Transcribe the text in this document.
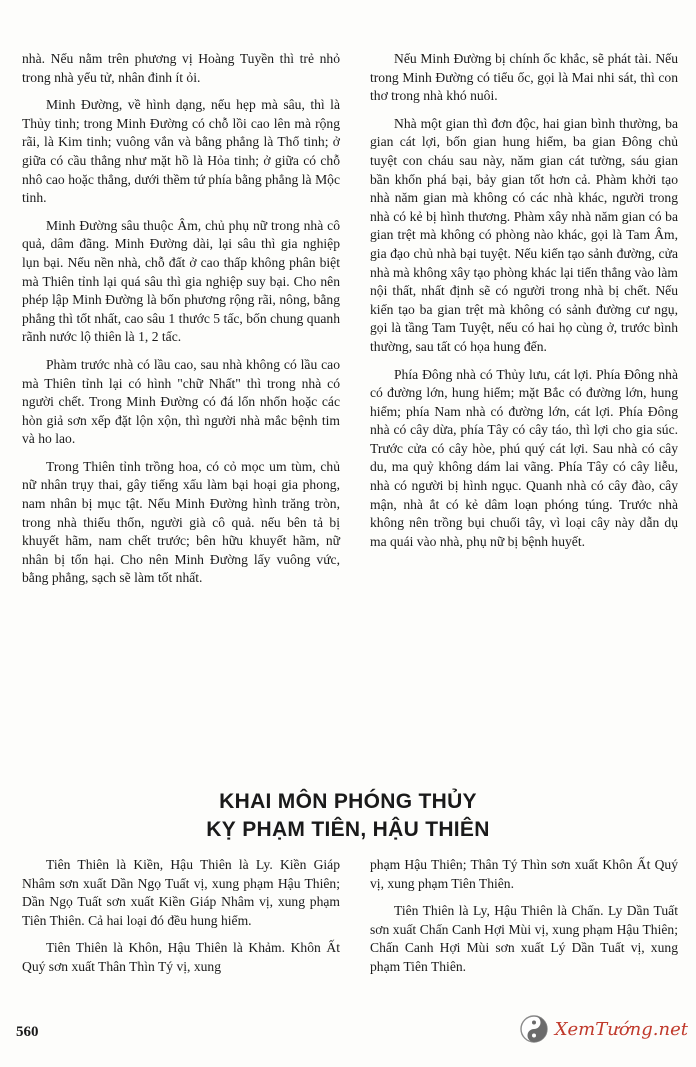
nhà. Nếu nằm trên phương vị Hoàng Tuyền thì trẻ nhỏ trong nhà yểu tử, nhân đinh ít ỏi.

Minh Đường, về hình dạng, nếu hẹp mà sâu, thì là Thủy tinh; trong Minh Đường có chỗ lồi cao lên mà rộng rãi, là Kim tinh; vuông vắn và bằng phẳng là Thổ tinh; ở giữa có cầu thẳng như mặt hồ là Hỏa tinh; ở giữa có chỗ nhô cao hoặc thẳng, dưới thềm tứ phía bằng phẳng là Mộc tinh.

Minh Đường sâu thuộc Âm, chủ phụ nữ trong nhà cô quả, dâm đãng. Minh Đường dài, lại sâu thì gia nghiệp lụn bại. Nếu nền nhà, chỗ đất ở cao thấp không phân biệt mà Thiên tỉnh lại quá sâu thì gia nghiệp suy bại. Cho nên phép lập Minh Đường là bốn phương rộng rãi, nông, bằng phẳng thì tốt nhất, cao sâu 1 thước 5 tấc, bốn chung quanh rãnh nước lộ thiên là 1, 2 tấc.

Phàm trước nhà có lầu cao, sau nhà không có lầu cao mà Thiên tỉnh lại có hình "chữ Nhất" thì trong nhà có người chết. Trong Minh Đường có đá lổn nhổn hoặc các hòn giả sơn xếp đặt lộn xộn, thì người nhà mắc bệnh tim và ho lao.

Trong Thiên tỉnh trồng hoa, có cỏ mọc um tùm, chủ nữ nhân trụy thai, gây tiếng xấu làm bại hoại gia phong, nam nhân bị mục tật. Nếu Minh Đường hình trăng tròn, trong nhà thiếu thốn, người già cô quả. nếu bên tả bị khuyết hãm, nam chết trước; bên hữu khuyết hãm, nữ nhân bị tổn hại. Cho nên Minh Đường lấy vuông vức, bằng phẳng, sạch sẽ làm tốt nhất.

Nếu Minh Đường bị chính ốc khắc, sẽ phát tài. Nếu trong Minh Đường có tiểu ốc, gọi là Mai nhi sát, thì con thơ trong nhà khó nuôi.

Nhà một gian thì đơn độc, hai gian bình thường, ba gian cát lợi, bốn gian hung hiểm, ba gian Đông chủ tuyệt con cháu sau này, năm gian cát tường, sáu gian bần khốn phá bại, bảy gian tốt hơn cả. Phàm khởi tạo nhà năm gian mà không có các nhà khác, người trong nhà có kẻ bị hình thương. Phàm xây nhà năm gian có ba gian trệt mà không có phòng nào khác, gọi là Tam Âm, gia đạo chủ nhà bại tuyệt. Nếu kiến tạo sảnh đường, cửa nhà mà không xây tạo phòng khác lại tiến thẳng vào làm nội thất, nhất định sẽ có người trong nhà bị chết. Nếu kiến tạo ba gian trệt mà không có sảnh đường cư ngụ, gọi là tầng Tam Tuyệt, nếu có hai họ cùng ở, trước bình thường, sau tất có họa hung đến.

Phía Đông nhà có Thủy lưu, cát lợi. Phía Đông nhà có đường lớn, hung hiểm; mặt Bắc có đường lớn, hung hiểm; phía Nam nhà có đường lớn, cát lợi. Phía Đông nhà có cây dừa, phía Tây có cây táo, thì lợi cho gia súc. Trước cửa có cây hòe, phú quý cát lợi. Sau nhà có cây du, ma quỷ không dám lai vãng. Phía Tây có cây liễu, nhà có người bị hình ngục. Quanh nhà có cây đào, cây mận, nhà ắt có kẻ dâm loạn phóng túng. Trước nhà không nên trồng bụi chuối tây, vì loại cây này dẫn dụ ma quái vào nhà, phụ nữ bị bệnh huyết.

KHAI MÔN PHÓNG THỦY
KỴ PHẠM TIÊN, HẬU THIÊN

Tiên Thiên là Kiền, Hậu Thiên là Ly. Kiền Giáp Nhâm sơn xuất Dần Ngọ Tuất vị, xung phạm Hậu Thiên; Dần Ngọ Tuất sơn xuất Kiền Giáp Nhâm vị, xung phạm Tiên Thiên. Cả hai loại đó đều hung hiểm.

Tiên Thiên là Khôn, Hậu Thiên là Khảm. Khôn Ất Quý sơn xuất Thân Thìn Tý vị, xung

phạm Hậu Thiên; Thân Tý Thìn sơn xuất Khôn Ất Quý vị, xung phạm Tiên Thiên.

Tiên Thiên là Ly, Hậu Thiên là Chấn. Ly Dần Tuất sơn xuất Chấn Canh Hợi Mùi vị, xung phạm Hậu Thiên; Chấn Canh Hợi Mùi sơn xuất Lý Dần Tuất vị, xung phạm Tiên Thiên.

560	XemTướng.net
